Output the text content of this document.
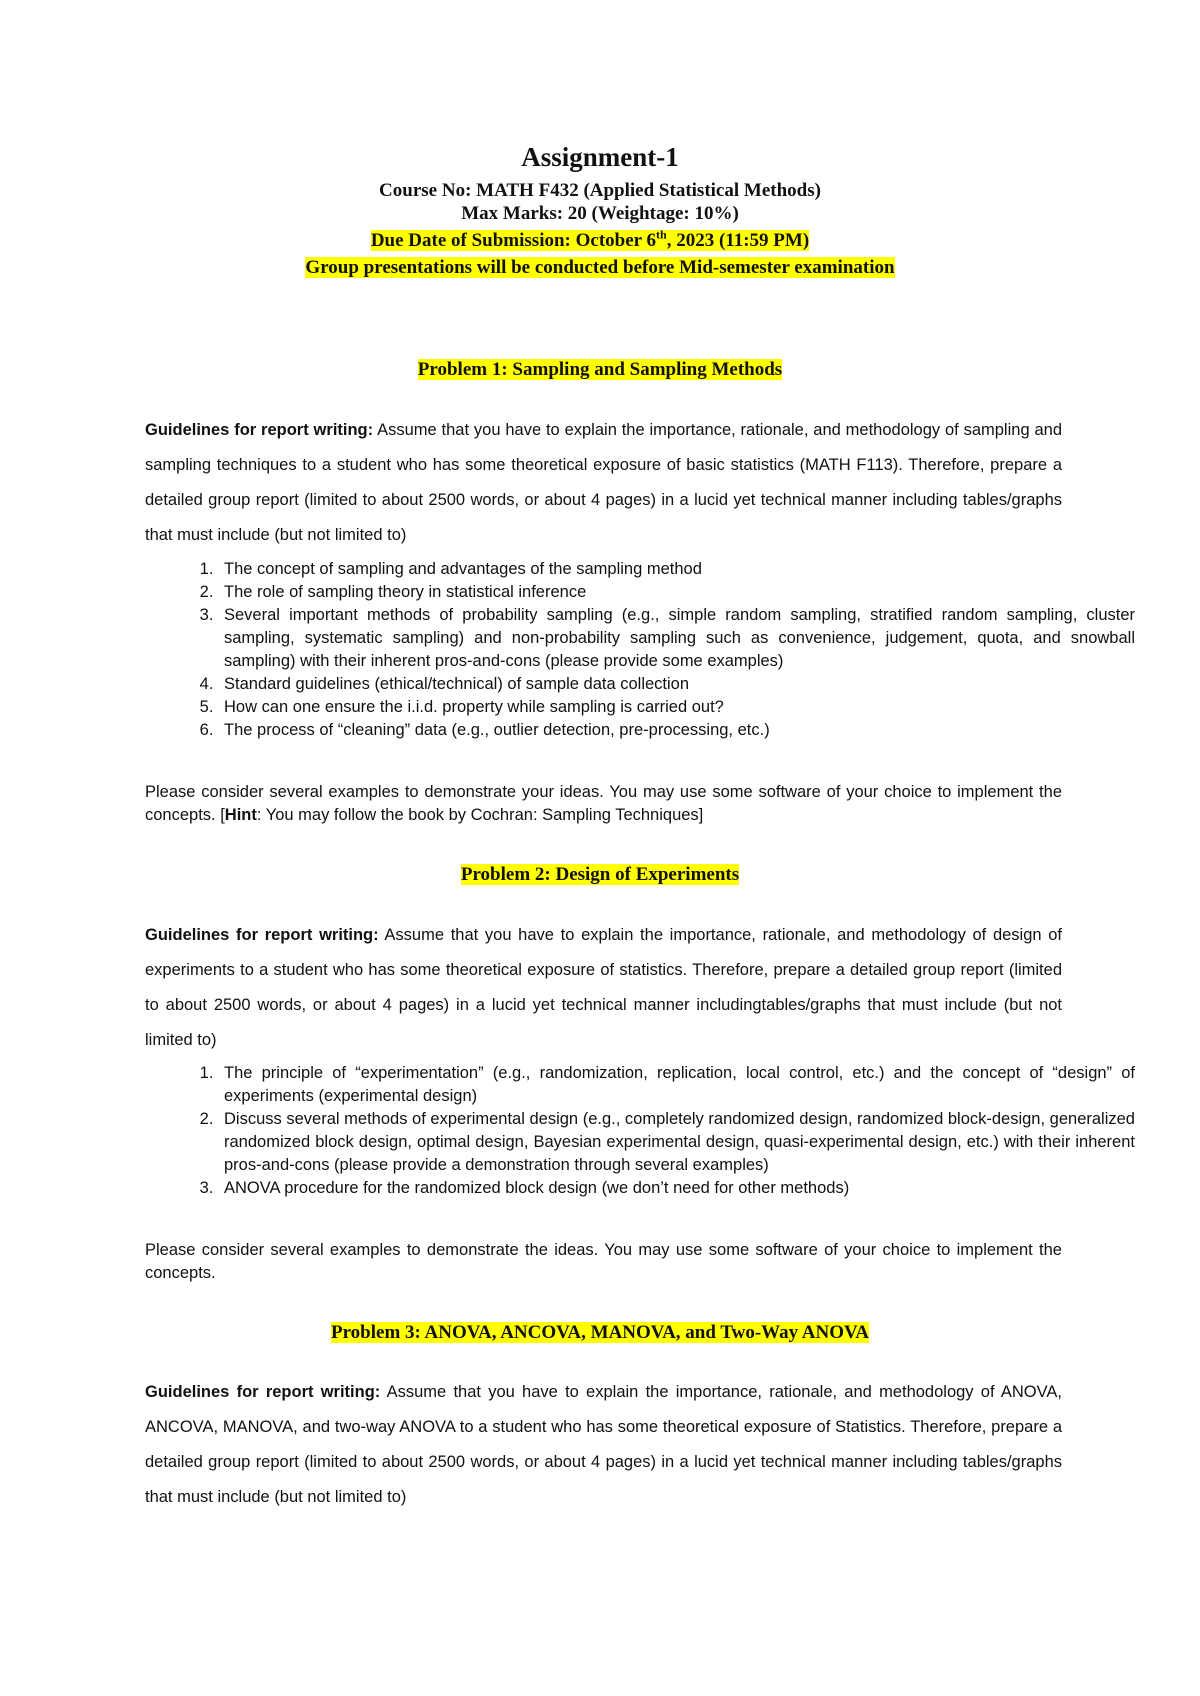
Assignment-1
Course No: MATH F432 (Applied Statistical Methods)
Max Marks: 20 (Weightage: 10%)
Due Date of Submission: October 6th, 2023 (11:59 PM)
Group presentations will be conducted before Mid-semester examination
Problem 1: Sampling and Sampling Methods
Guidelines for report writing: Assume that you have to explain the importance, rationale, and methodology of sampling and sampling techniques to a student who has some theoretical exposure of basic statistics (MATH F113). Therefore, prepare a detailed group report (limited to about 2500 words, or about 4 pages) in a lucid yet technical manner including tables/graphs that must include (but not limited to)
1. The concept of sampling and advantages of the sampling method
2. The role of sampling theory in statistical inference
3. Several important methods of probability sampling (e.g., simple random sampling, stratified random sampling, cluster sampling, systematic sampling) and non-probability sampling such as convenience, judgement, quota, and snowball sampling) with their inherent pros-and-cons (please provide some examples)
4. Standard guidelines (ethical/technical) of sample data collection
5. How can one ensure the i.i.d. property while sampling is carried out?
6. The process of “cleaning” data (e.g., outlier detection, pre-processing, etc.)
Please consider several examples to demonstrate your ideas. You may use some software of your choice to implement the concepts. [Hint: You may follow the book by Cochran: Sampling Techniques]
Problem 2: Design of Experiments
Guidelines for report writing: Assume that you have to explain the importance, rationale, and methodology of design of experiments to a student who has some theoretical exposure of statistics. Therefore, prepare a detailed group report (limited to about 2500 words, or about 4 pages) in a lucid yet technical manner includingtables/graphs that must include (but not limited to)
1. The principle of “experimentation” (e.g., randomization, replication, local control, etc.) and the concept of “design” of experiments (experimental design)
2. Discuss several methods of experimental design (e.g., completely randomized design, randomized block-design, generalized randomized block design, optimal design, Bayesian experimental design, quasi-experimental design, etc.) with their inherent pros-and-cons (please provide a demonstration through several examples)
3. ANOVA procedure for the randomized block design (we don’t need for other methods)
Please consider several examples to demonstrate the ideas. You may use some software of your choice to implement the concepts.
Problem 3: ANOVA, ANCOVA, MANOVA, and Two-Way ANOVA
Guidelines for report writing: Assume that you have to explain the importance, rationale, and methodology of ANOVA, ANCOVA, MANOVA, and two-way ANOVA to a student who has some theoretical exposure of Statistics. Therefore, prepare a detailed group report (limited to about 2500 words, or about 4 pages) in a lucid yet technical manner including tables/graphs that must include (but not limited to)
